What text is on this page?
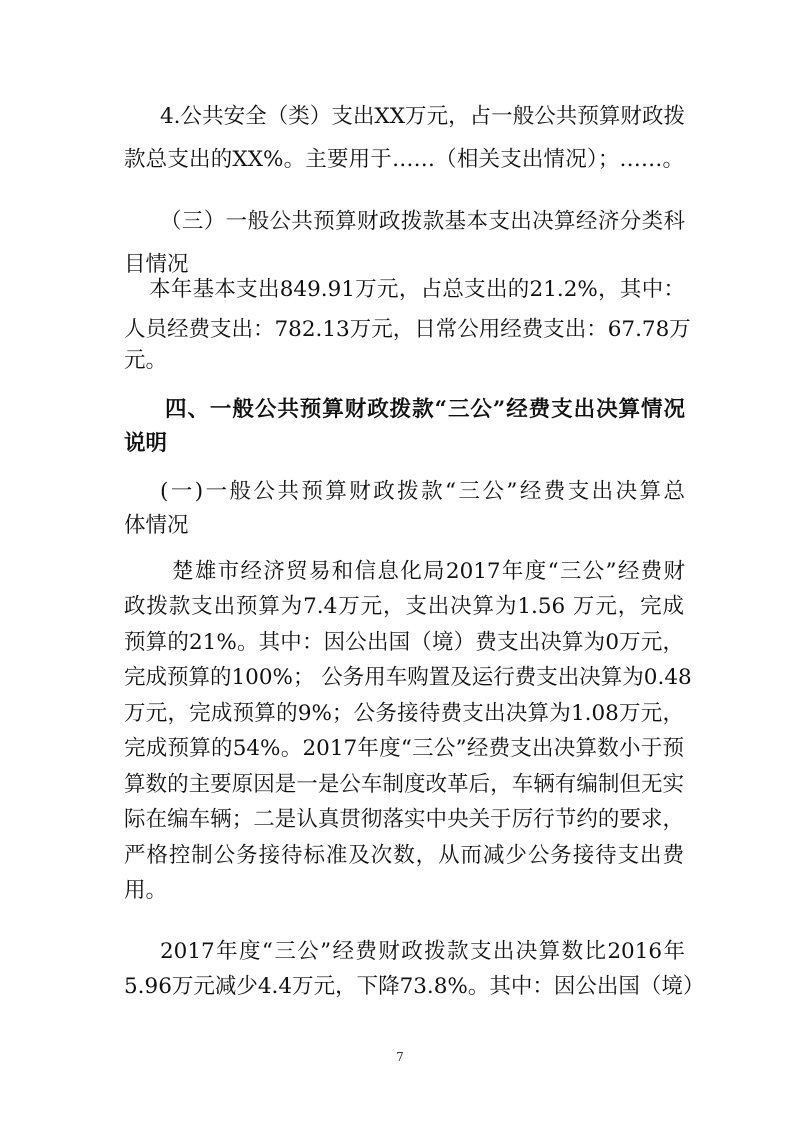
4.公共安全（类）支出XX万元，占一般公共预算财政拨

款总支出的XX%。主要用于……（相关支出情况）；……。

（三）一般公共预算财政拨款基本支出决算经济分类科

目情况

本年基本支出849.91万元，占总支出的21.2%，其中：

人员经费支出：782.13万元，日常公用经费支出：67.78万

元。

四、一般公共预算财政拨款“三公”经费支出决算情况

说明

(一)一般公共预算财政拨款“三公”经费支出决算总

体情况

楚雄市经济贸易和信息化局2017年度“三公”经费财

政拨款支出预算为7.4万元，支出决算为1.56 万元，完成

预算的21%。其中：因公出国（境）费支出决算为0万元，

完成预算的100%； 公务用车购置及运行费支出决算为0.48

万元，完成预算的9%；公务接待费支出决算为1.08万元，

完成预算的54%。2017年度“三公”经费支出决算数小于预

算数的主要原因是一是公车制度改革后，车辆有编制但无实

际在编车辆；二是认真贯彻落实中央关于厉行节约的要求，

严格控制公务接待标准及次数，从而减少公务接待支出费

用。

2017年度“三公”经费财政拨款支出决算数比2016年

5.96万元减少4.4万元，下降73.8%。其中：因公出国（境）

7
